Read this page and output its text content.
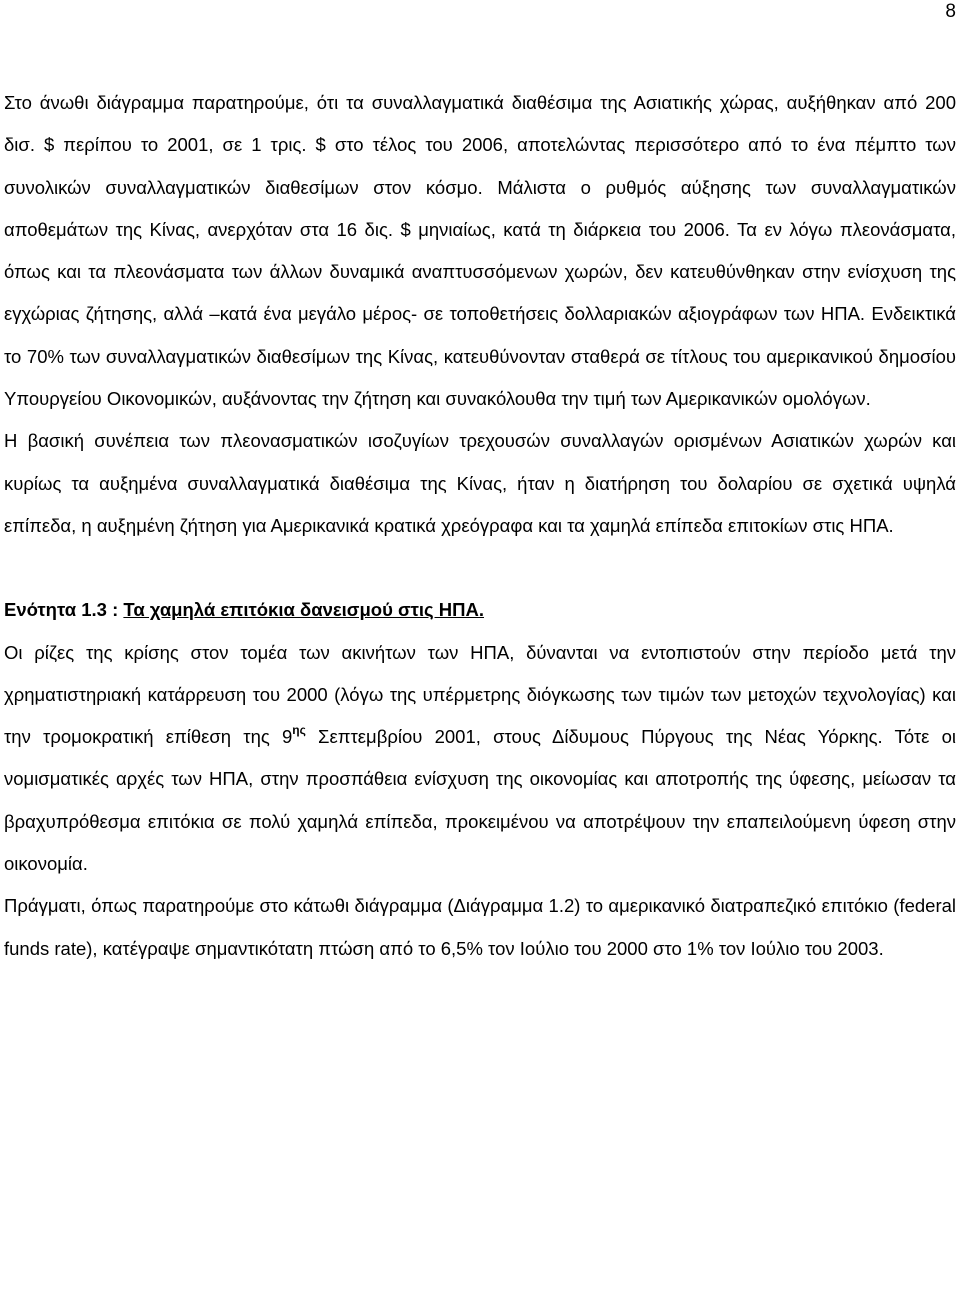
8

Στο άνωθι διάγραμμα παρατηρούμε, ότι τα συναλλαγματικά διαθέσιμα της Ασιατικής χώρας, αυξήθηκαν από 200 δισ. $ περίπου το 2001, σε 1 τρις. $ στο τέλος του 2006, αποτελώντας περισσότερο από το ένα πέμπτο των συνολικών συναλλαγματικών διαθεσίμων στον κόσμο. Μάλιστα ο ρυθμός αύξησης των συναλλαγματικών αποθεμάτων της Κίνας, ανερχόταν στα 16 δις. $ μηνιαίως, κατά τη διάρκεια του 2006. Τα εν λόγω πλεονάσματα, όπως και τα πλεονάσματα των άλλων δυναμικά αναπτυσσόμενων χωρών, δεν κατευθύνθηκαν στην ενίσχυση της εγχώριας ζήτησης, αλλά –κατά ένα μεγάλο μέρος- σε τοποθετήσεις δολλαριακών αξιογράφων των ΗΠΑ. Ενδεικτικά το 70% των συναλλαγματικών διαθεσίμων της Κίνας, κατευθύνονταν σταθερά σε τίτλους του αμερικανικού δημοσίου Υπουργείου Οικονομικών, αυξάνοντας την ζήτηση και συνακόλουθα την τιμή των Αμερικανικών ομολόγων.

Η βασική συνέπεια των πλεονασματικών ισοζυγίων τρεχουσών συναλλαγών ορισμένων Ασιατικών χωρών και κυρίως τα αυξημένα συναλλαγματικά διαθέσιμα της Κίνας, ήταν η διατήρηση του δολαρίου σε σχετικά υψηλά επίπεδα, η αυξημένη ζήτηση για Αμερικανικά κρατικά χρεόγραφα και τα χαμηλά επίπεδα επιτοκίων στις ΗΠΑ.

Ενότητα 1.3 : Τα χαμηλά επιτόκια δανεισμού στις ΗΠΑ.

Οι ρίζες της κρίσης στον τομέα των ακινήτων των ΗΠΑ, δύνανται να εντοπιστούν στην περίοδο μετά την χρηματιστηριακή κατάρρευση του 2000 (λόγω της υπέρμετρης διόγκωσης των τιμών των μετοχών τεχνολογίας) και την τρομοκρατική επίθεση της $9^{\eta\varsigma}$ Σεπτεμβρίου 2001, στους Δίδυμους Πύργους της Νέας Υόρκης. Τότε οι νομισματικές αρχές των ΗΠΑ, στην προσπάθεια ενίσχυση της οικονομίας και αποτροπής της ύφεσης, μείωσαν τα βραχυπρόθεσμα επιτόκια σε πολύ χαμηλά επίπεδα, προκειμένου να αποτρέψουν την επαπειλούμενη ύφεση στην οικονομία.

Πράγματι, όπως παρατηρούμε στο κάτωθι διάγραμμα (Διάγραμμα 1.2) το αμερικανικό διατραπεζικό επιτόκιο (federal funds rate), κατέγραψε σημαντικότατη πτώση από το 6,5% τον Ιούλιο του 2000 στο 1% τον Ιούλιο του 2003.
